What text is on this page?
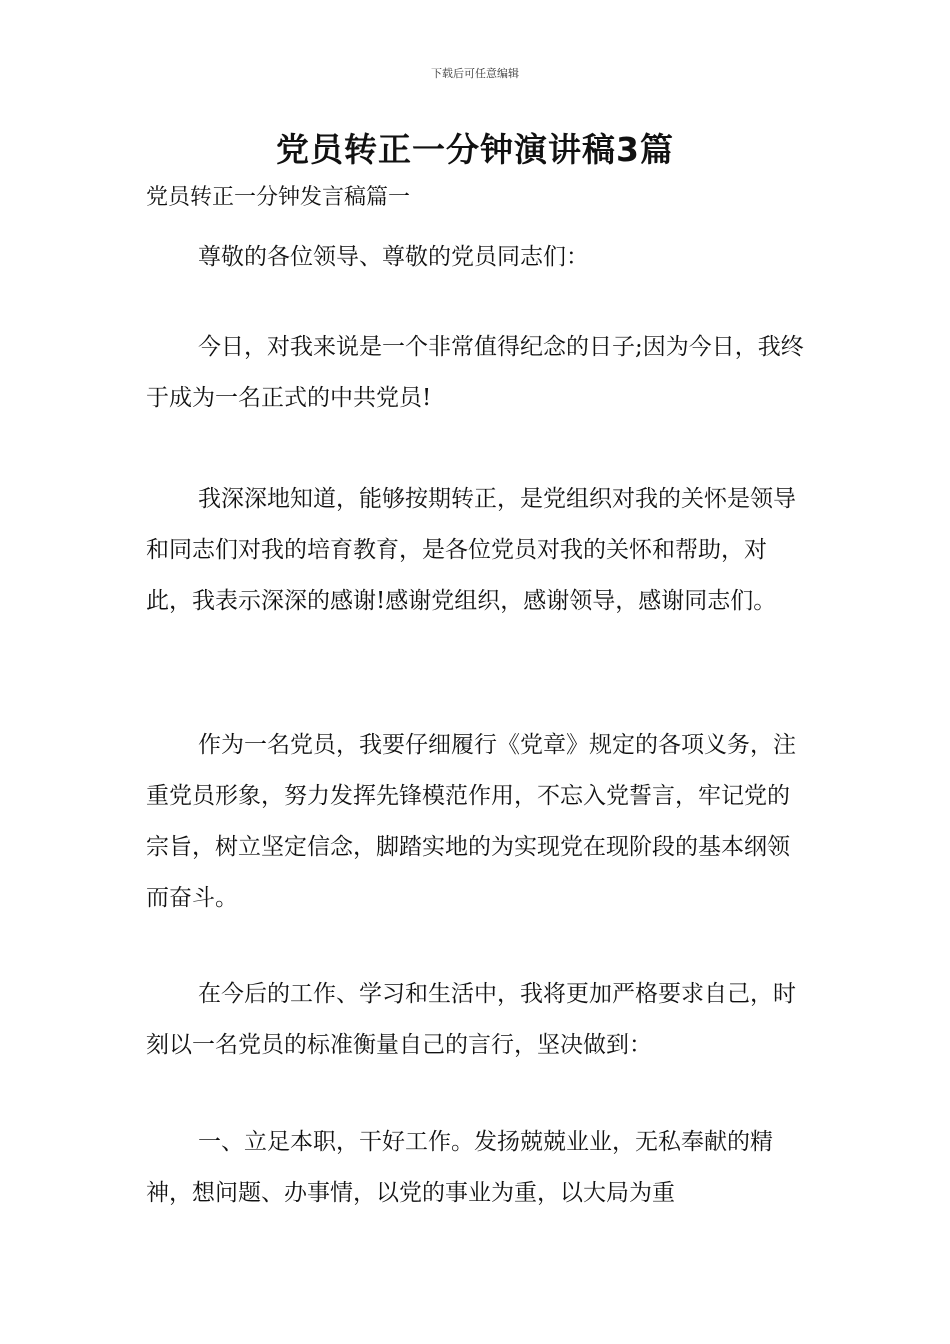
下载后可任意编辑
党员转正一分钟演讲稿3篇
党员转正一分钟发言稿篇一

尊敬的各位领导、尊敬的党员同志们：

今日，对我来说是一个非常值得纪念的日子;因为今日，我终于成为一名正式的中共党员!

我深深地知道，能够按期转正，是党组织对我的关怀是领导和同志们对我的培育教育，是各位党员对我的关怀和帮助，对此，我表示深深的感谢!感谢党组织，感谢领导，感谢同志们。

作为一名党员，我要仔细履行《党章》规定的各项义务，注重党员形象，努力发挥先锋模范作用，不忘入党誓言，牢记党的宗旨，树立坚定信念，脚踏实地的为实现党在现阶段的基本纲领而奋斗。

在今后的工作、学习和生活中，我将更加严格要求自己，时刻以一名党员的标准衡量自己的言行，坚决做到：

一、立足本职，干好工作。发扬兢兢业业，无私奉献的精神，想问题、办事情，以党的事业为重，以大局为重
